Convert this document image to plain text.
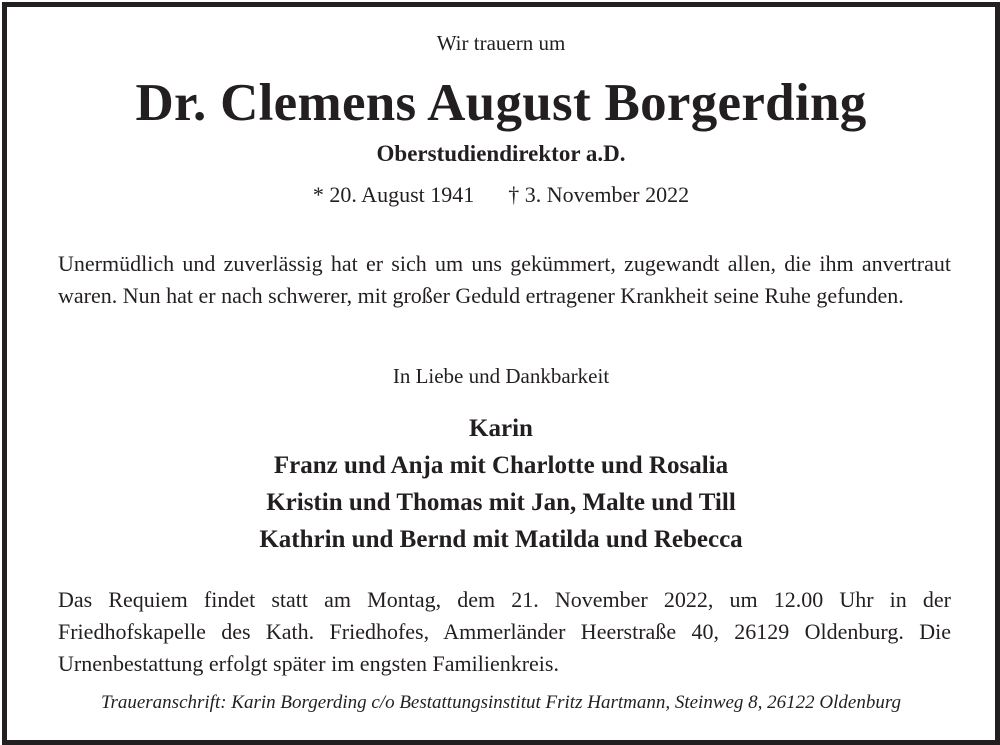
Wir trauern um
Dr. Clemens August Borgerding
Oberstudiendirektor a.D.
* 20. August 1941 † 3. November 2022
Unermüdlich und zuverlässig hat er sich um uns gekümmert, zugewandt allen, die ihm anvertraut waren. Nun hat er nach schwerer, mit großer Geduld ertragener Krankheit seine Ruhe gefunden.
In Liebe und Dankbarkeit
Karin
Franz und Anja mit Charlotte und Rosalia
Kristin und Thomas mit Jan, Malte und Till
Kathrin und Bernd mit Matilda und Rebecca
Das Requiem findet statt am Montag, dem 21. November 2022, um 12.00 Uhr in der Friedhofskapelle des Kath. Friedhofes, Ammerländer Heerstraße 40, 26129 Oldenburg. Die Urnenbestattung erfolgt später im engsten Familienkreis.
Traueranschrift: Karin Borgerding c/o Bestattungsinstitut Fritz Hartmann, Steinweg 8, 26122 Oldenburg
